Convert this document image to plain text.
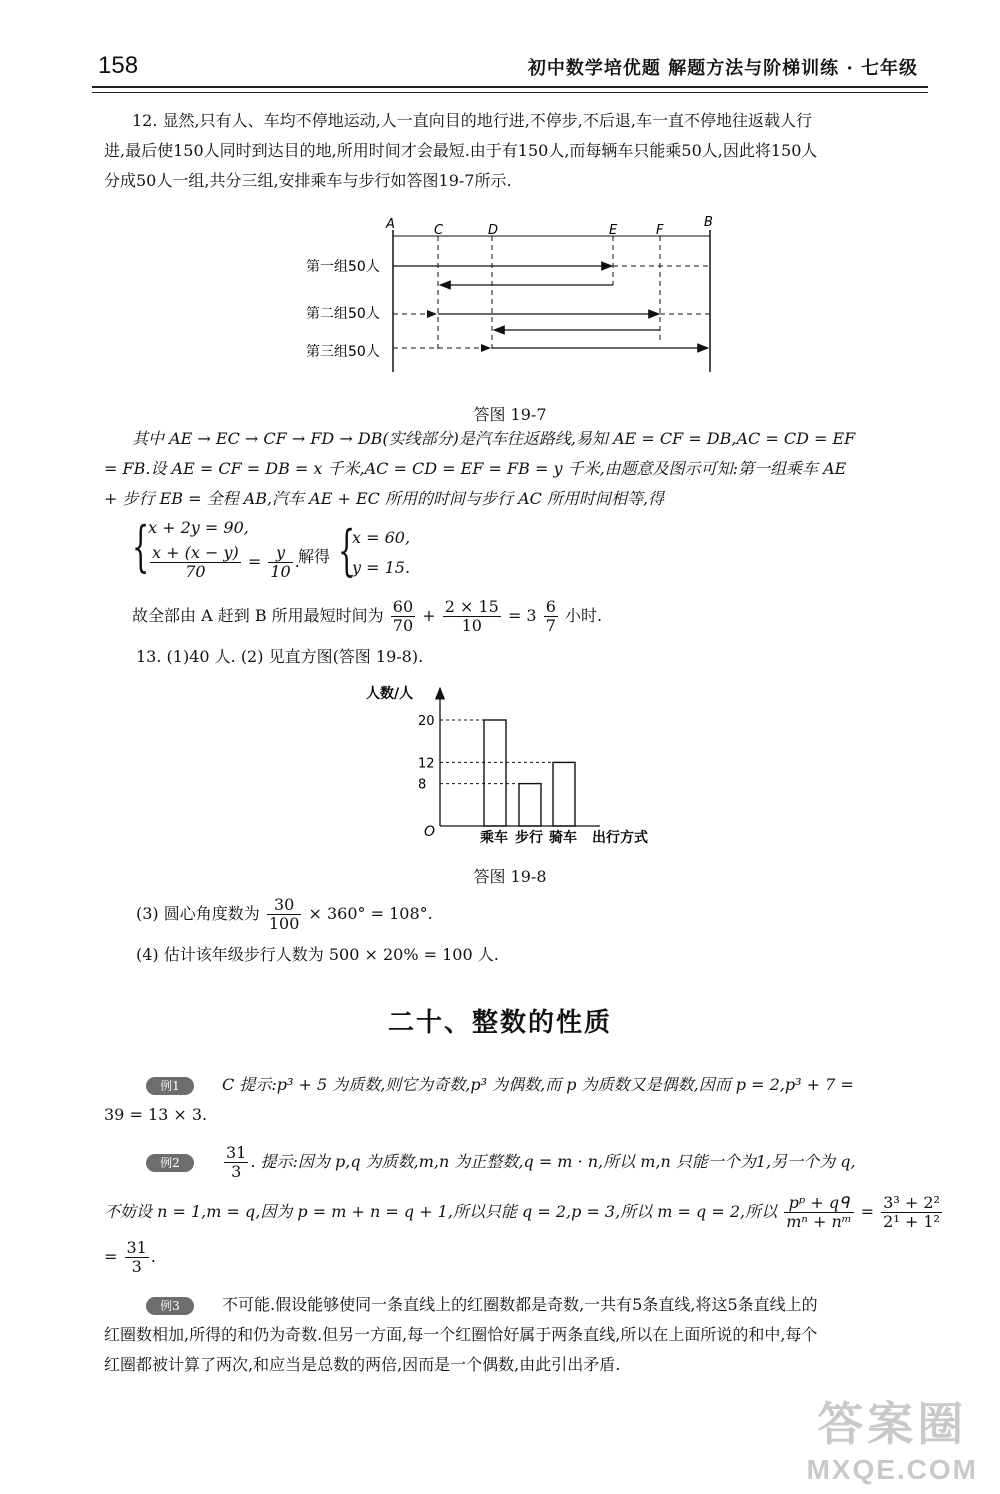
158	初中数学培优题 解题方法与阶梯训练 · 七年级
12. 显然,只有人、车均不停地运动,人一直向目的地行进,不停步,不后退,车一直不停地往返载人行
进,最后使150人同时到达目的地,所用时间才会最短.由于有150人,而每辆车只能乘50人,因此将150人
分成50人一组,共分三组,安排乘车与步行如答图19-7所示.
A	C	D	E	F
B
第一组50人
第二组50人
第三组50人
答图 19-7
其中 AE → EC → CF → FD → DB(实线部分)是汽车往返路线,易知 AE = CF = DB,AC = CD = EF
= FB.设 AE = CF = DB = x 千米,AC = CD = EF = FB = y 千米,由题意及图示可知:第一组乘车 AE
+ 步行 EB = 全程 AB,汽车 AE + EC 所用的时间与步行 AC 所用时间相等,得
{
x + 2y = 90,
$\frac{x + (x - y)}{70} = \frac{y}{10}$ .
解得 {
x = 60,
y = 15.
故全部由 A 赶到 B 所用最短时间为 $\frac{60}{70} + \frac{2 \times 15}{10} = 3 \frac{6}{7}$ 小时.
13. (1)40 人. (2) 见直方图(答图 19-8).
人数/人
O	出行方式
乘车 步行 骑车
20
12
8
答图 19-8
(3) 圆心角度数为 $\frac{30}{100} \times 360^\circ = 108^\circ$.
(4) 估计该年级步行人数为 500 × 20% = 100 人.
二十、整数的性质
例1	C 提示:p³ + 5 为质数,则它为奇数,p³ 为偶数,而 p 为质数又是偶数,因而 p = 2,p³ + 7 =
39 = 13 × 3.
例2	$\frac{31}{3}$ . 提示:因为 p,q 为质数,m,n 为正整数,q = m · n,所以 m,n 只能一个为1,另一个为 q,
不妨设 n = 1,m = q,因为 p = m + n = q + 1,所以只能 q = 2,p = 3,所以 m = q = 2,所以 $\frac{\text{pᵖ + qᑫ}}{\text{mⁿ + nᵐ}} = \frac{\text{3³ + 2²}}{\text{2¹ + 1²}}$
= $\frac{31}{3}$ .
例3	不可能.假设能够使同一条直线上的红圈数都是奇数,一共有5条直线,将这5条直线上的
红圈数相加,所得的和仍为奇数.但另一方面,每一个红圈恰好属于两条直线,所以在上面所说的和中,每个
红圈都被计算了两次,和应当是总数的两倍,因而是一个偶数,由此引出矛盾.
答案圈
MXQE.COM
